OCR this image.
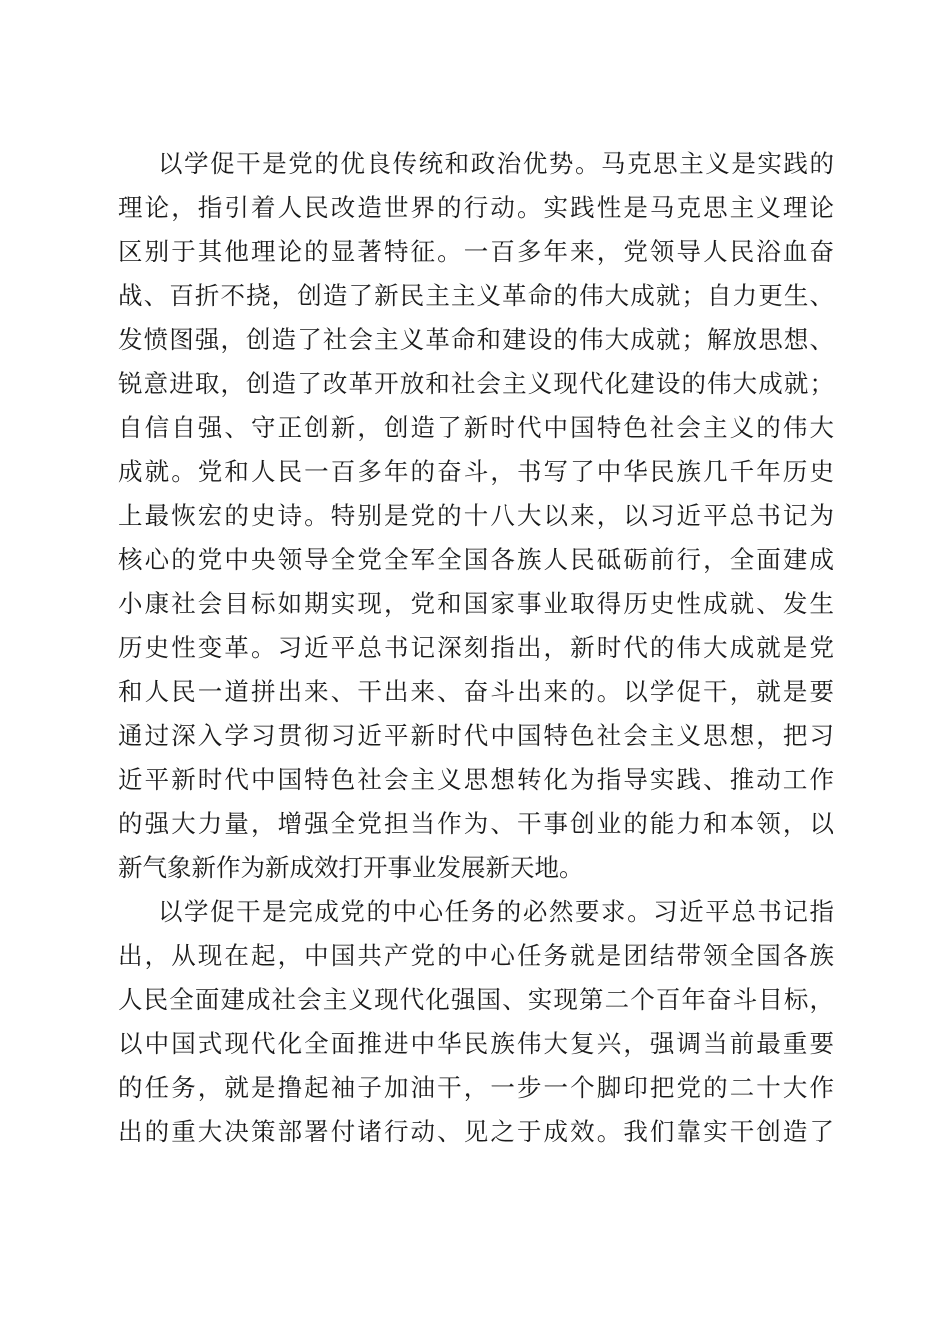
以学促干是党的优良传统和政治优势。马克思主义是实践的
理论，指引着人民改造世界的行动。实践性是马克思主义理论
区别于其他理论的显著特征。一百多年来，党领导人民浴血奋
战、百折不挠，创造了新民主主义革命的伟大成就；自力更生、
发愤图强，创造了社会主义革命和建设的伟大成就；解放思想、
锐意进取，创造了改革开放和社会主义现代化建设的伟大成就；
自信自强、守正创新，创造了新时代中国特色社会主义的伟大
成就。党和人民一百多年的奋斗，书写了中华民族几千年历史
上最恢宏的史诗。特别是党的十八大以来，以习近平总书记为
核心的党中央领导全党全军全国各族人民砥砺前行，全面建成
小康社会目标如期实现，党和国家事业取得历史性成就、发生
历史性变革。习近平总书记深刻指出，新时代的伟大成就是党
和人民一道拼出来、干出来、奋斗出来的。以学促干，就是要
通过深入学习贯彻习近平新时代中国特色社会主义思想，把习
近平新时代中国特色社会主义思想转化为指导实践、推动工作
的强大力量，增强全党担当作为、干事创业的能力和本领，以
新气象新作为新成效打开事业发展新天地。
以学促干是完成党的中心任务的必然要求。习近平总书记指
出，从现在起，中国共产党的中心任务就是团结带领全国各族
人民全面建成社会主义现代化强国、实现第二个百年奋斗目标，
以中国式现代化全面推进中华民族伟大复兴，强调当前最重要
的任务，就是撸起袖子加油干，一步一个脚印把党的二十大作
出的重大决策部署付诸行动、见之于成效。我们靠实干创造了
